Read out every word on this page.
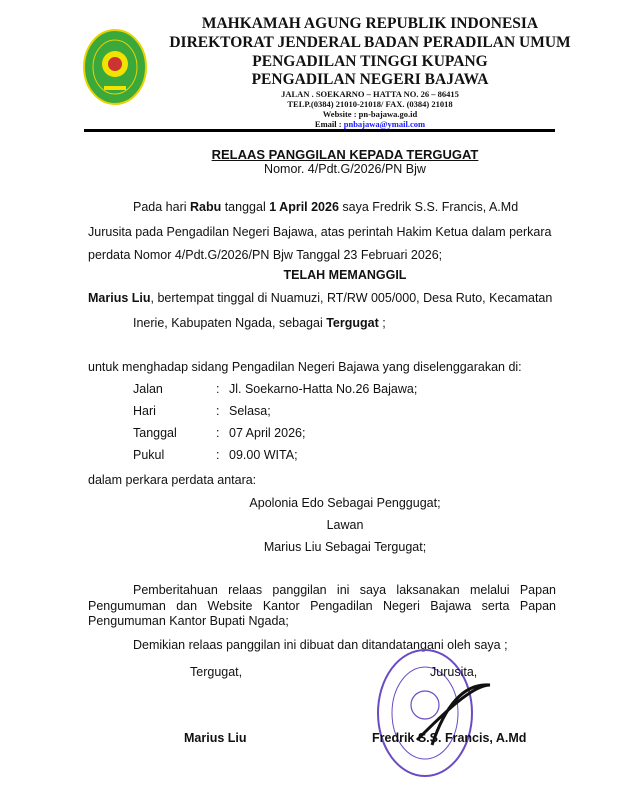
MAHKAMAH AGUNG REPUBLIK INDONESIA
DIREKTORAT JENDERAL BADAN PERADILAN UMUM
PENGADILAN TINGGI KUPANG
PENGADILAN NEGERI BAJAWA
JALAN . SOEKARNO – HATTA NO. 26 – 86415
TELP.(0384) 21010-21018/ FAX. (0384) 21018
Website : pn-bajawa.go.id
Email : pnbajawa@ymail.com
RELAAS PANGGILAN KEPADA TERGUGAT
Nomor. 4/Pdt.G/2026/PN Bjw
Pada hari Rabu tanggal 1 April 2026 saya Fredrik S.S. Francis, A.Md
Jurusita pada Pengadilan Negeri Bajawa, atas perintah Hakim Ketua dalam perkara
perdata Nomor 4/Pdt.G/2026/PN Bjw Tanggal 23 Februari 2026;
TELAH MEMANGGIL
Marius Liu, bertempat tinggal di Nuamuzi, RT/RW 005/000, Desa Ruto, Kecamatan
Inerie, Kabupaten Ngada, sebagai Tergugat ;
untuk menghadap sidang Pengadilan Negeri Bajawa yang diselenggarakan di:
Jalan	: Jl. Soekarno-Hatta No.26 Bajawa;
Hari	: Selasa;
Tanggal	: 07 April 2026;
Pukul	: 09.00 WITA;
dalam perkara perdata antara:
Apolonia Edo Sebagai Penggugat;
Lawan
Marius Liu Sebagai Tergugat;
Pemberitahuan relaas panggilan ini saya laksanakan melalui Papan Pengumuman dan Website Kantor Pengadilan Negeri Bajawa serta Papan Pengumuman Kantor Bupati Ngada;
Demikian relaas panggilan ini dibuat dan ditandatangani oleh saya ;
Tergugat,	Jurusita,
Marius Liu	Fredrik S.S. Francis, A.Md
